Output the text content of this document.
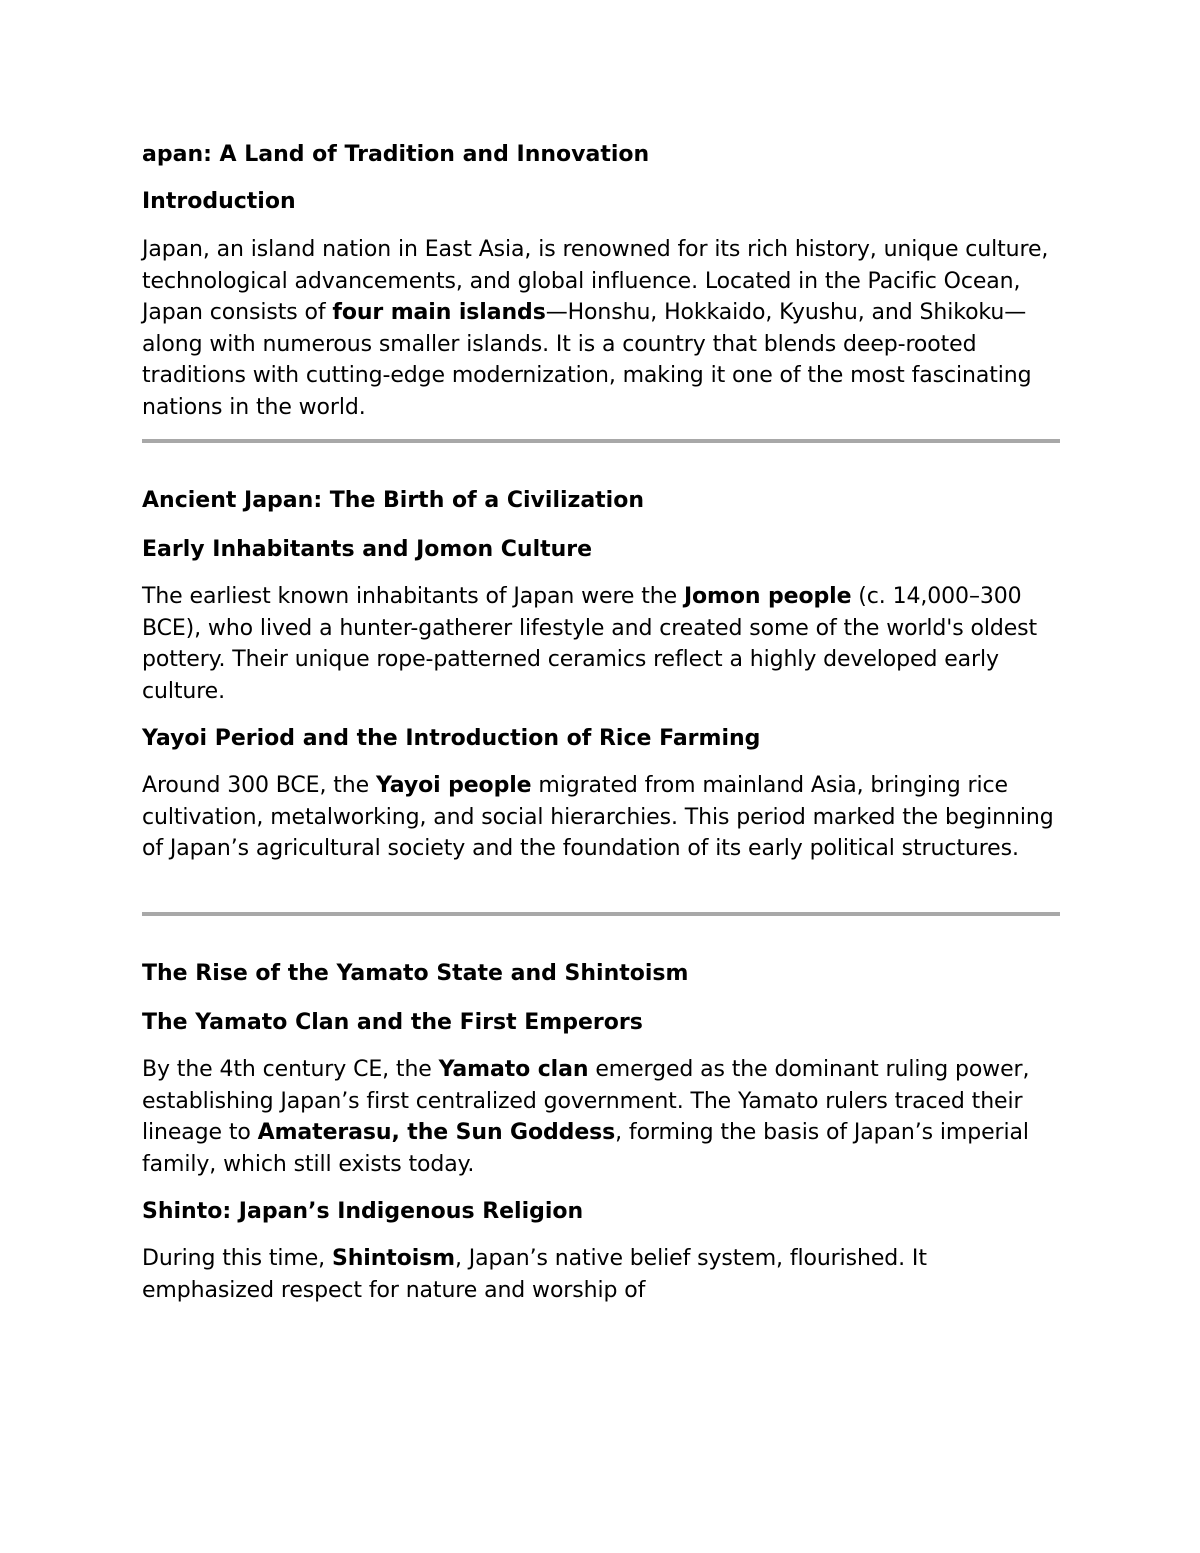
apan: A Land of Tradition and Innovation
Introduction
Japan, an island nation in East Asia, is renowned for its rich history, unique culture, technological advancements, and global influence. Located in the Pacific Ocean, Japan consists of four main islands—Honshu, Hokkaido, Kyushu, and Shikoku—along with numerous smaller islands. It is a country that blends deep-rooted traditions with cutting-edge modernization, making it one of the most fascinating nations in the world.
Ancient Japan: The Birth of a Civilization
Early Inhabitants and Jomon Culture
The earliest known inhabitants of Japan were the Jomon people (c. 14,000–300 BCE), who lived a hunter-gatherer lifestyle and created some of the world's oldest pottery. Their unique rope-patterned ceramics reflect a highly developed early culture.
Yayoi Period and the Introduction of Rice Farming
Around 300 BCE, the Yayoi people migrated from mainland Asia, bringing rice cultivation, metalworking, and social hierarchies. This period marked the beginning of Japan’s agricultural society and the foundation of its early political structures.
The Rise of the Yamato State and Shintoism
The Yamato Clan and the First Emperors
By the 4th century CE, the Yamato clan emerged as the dominant ruling power, establishing Japan’s first centralized government. The Yamato rulers traced their lineage to Amaterasu, the Sun Goddess, forming the basis of Japan’s imperial family, which still exists today.
Shinto: Japan’s Indigenous Religion
During this time, Shintoism, Japan’s native belief system, flourished. It emphasized respect for nature and worship of
